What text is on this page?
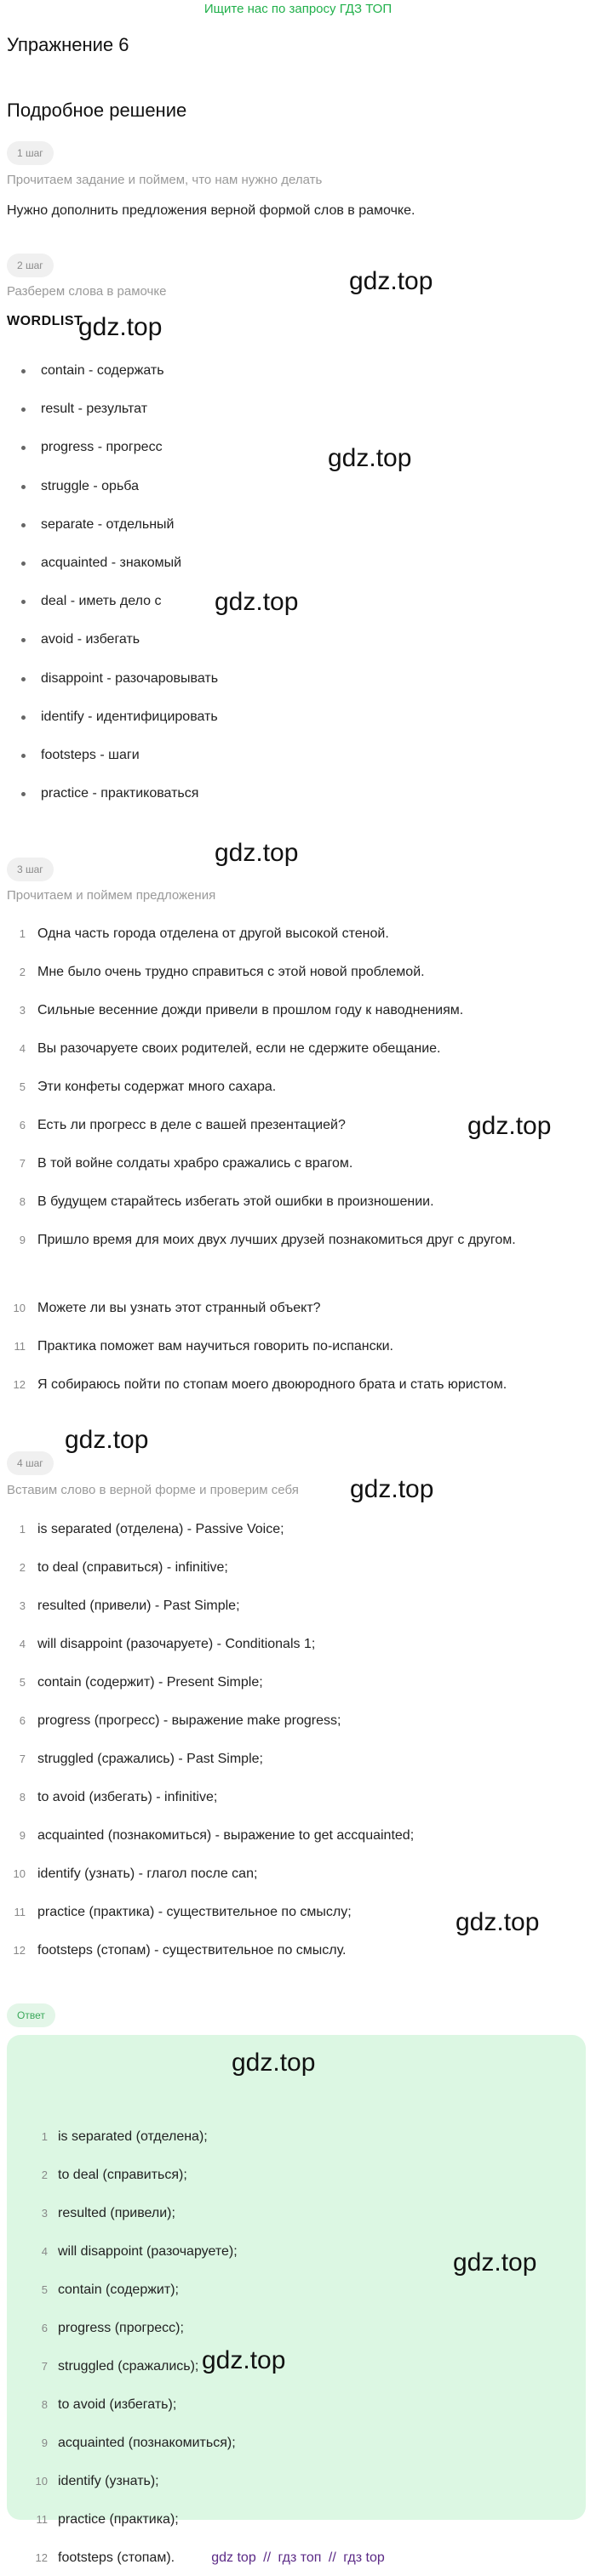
Ищите нас по запросу ГДЗ ТОП
Упражнение 6
Подробное решение
1 шаг
Прочитаем задание и поймем, что нам нужно делать
Нужно дополнить предложения верной формой слов в рамочке.
2 шаг
Разберем слова в рамочке
WORDLIST
3 шаг
Прочитаем и поймем предложения
4 шаг
Вставим слово в верной форме и проверим себя
Ответ
gdz.top
gdz.top
gdz.top
gdz.top
gdz.top
gdz.top
gdz.top
gdz.top
gdz.top
gdz.top
gdz.top
gdz.top
gdz top // гдз топ // гдз top
contain - содержать
result - результат
progress - прогресс
struggle - орьба
separate - отдельный
acquainted - знакомый
deal - иметь дело с
avoid - избегать
disappoint - разочаровывать
identify - идентифицировать
footsteps - шаги
practice - практиковаться
1 Одна часть города отделена от другой высокой стеной.
2 Мне было очень трудно справиться с этой новой проблемой.
3 Сильные весенние дожди привели в прошлом году к наводнениям.
4 Вы разочаруете своих родителей, если не сдержите обещание.
5 Эти конфеты содержат много сахара.
6 Есть ли прогресс в деле с вашей презентацией?
7 В той войне солдаты храбро сражались с врагом.
8 В будущем старайтесь избегать этой ошибки в произношении.
9 Пришло время для моих двух лучших друзей познакомиться друг с другом.
10 Можете ли вы узнать этот странный объект?
11 Практика поможет вам научиться говорить по-испански.
12 Я собираюсь пойти по стопам моего двоюродного брата и стать юристом.
1 is separated (отделена) - Passive Voice;
2 to deal (справиться) - infinitive;
3 resulted (привели) - Past Simple;
4 will disappoint (разочаруете) - Conditionals 1;
5 contain (содержит) - Present Simple;
6 progress (прогресс) - выражение make progress;
7 struggled (сражались) - Past Simple;
8 to avoid (избегать) - infinitive;
9 acquainted (познакомиться) - выражение to get accquainted;
10 identify (узнать) - глагол после can;
11 practice (практика) - существительное по смыслу;
12 footsteps (стопам) - существительное по смыслу.
1 is separated (отделена);
2 to deal (справиться);
3 resulted (привели);
4 will disappoint (разочаруете);
5 contain (содержит);
6 progress (прогресс);
7 struggled (сражались);
8 to avoid (избегать);
9 acquainted (познакомиться);
10 identify (узнать);
11 practice (практика);
12 footsteps (стопам).
